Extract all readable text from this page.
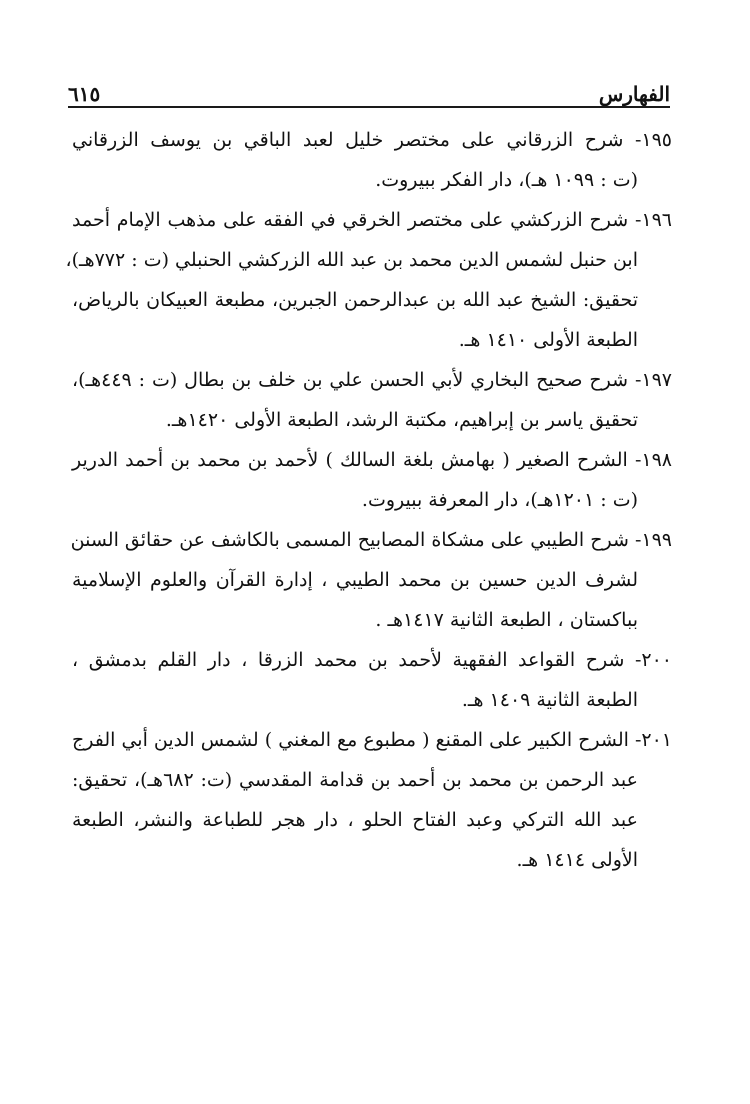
الفهارس
٦١٥
١٩٥- شرح الزرقاني على مختصر خليل لعبد الباقي بن يوسف الزرقاني
(ت : ١٠٩٩ هـ)، دار الفكر ببيروت.
١٩٦- شرح الزركشي على مختصر الخرقي في الفقه على مذهب الإمام أحمد
ابن حنبل لشمس الدين محمد بن عبد الله الزركشي الحنبلي (ت : ٧٧٢هـ)،
تحقيق: الشيخ عبد الله بن عبدالرحمن الجبرين، مطبعة العبيكان بالرياض،
الطبعة الأولى ١٤١٠ هـ.
١٩٧- شرح صحيح البخاري لأبي الحسن علي بن خلف بن بطال (ت : ٤٤٩هـ)،
تحقيق ياسر بن إبراهيم، مكتبة الرشد، الطبعة الأولى ١٤٢٠هـ.
١٩٨- الشرح الصغير ( بهامش بلغة السالك ) لأحمد بن محمد بن أحمد الدرير
(ت : ١٢٠١هـ)، دار المعرفة ببيروت.
١٩٩- شرح الطيبي على مشكاة المصابيح المسمى بالكاشف عن حقائق السنن
لشرف الدين حسين بن محمد الطيبي ، إدارة القرآن والعلوم الإسلامية
بباكستان ، الطبعة الثانية ١٤١٧هـ .
٢٠٠- شرح القواعد الفقهية لأحمد بن محمد الزرقا ، دار القلم بدمشق ،
الطبعة الثانية ١٤٠٩ هـ.
٢٠١- الشرح الكبير على المقنع ( مطبوع مع المغني ) لشمس الدين أبي الفرج
عبد الرحمن بن محمد بن أحمد بن قدامة المقدسي (ت: ٦٨٢هـ)، تحقيق:
عبد الله التركي وعبد الفتاح الحلو ، دار هجر للطباعة والنشر، الطبعة
الأولى ١٤١٤ هـ.
